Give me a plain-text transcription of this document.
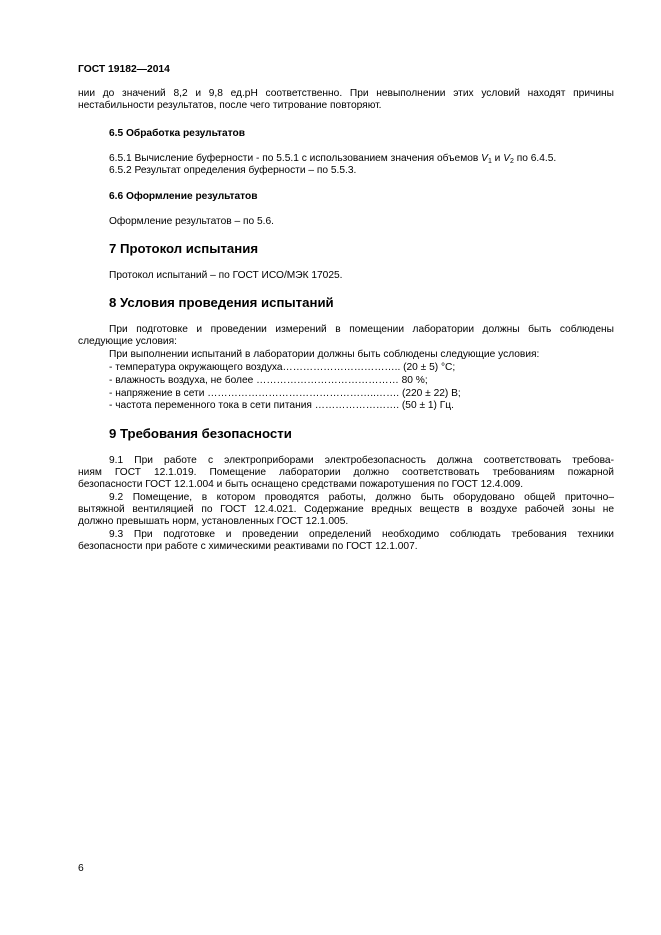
ГОСТ 19182—2014
нии до значений 8,2 и 9,8 ед.pH соответственно. При невыполнении этих условий находят причины
нестабильности результатов, после чего титрование повторяют.
6.5 Обработка результатов
6.5.1 Вычисление буферности - по 5.5.1 с использованием значения объемов $V_1$ и $V_2$ по 6.4.5.
6.5.2 Результат определения буферности – по 5.5.3.
6.6 Оформление результатов
Оформление результатов – по 5.6.
7 Протокол испытания
Протокол испытаний – по ГОСТ ИСО/МЭК 17025.
8 Условия проведения испытаний
При подготовке и проведении измерений в помещении лаборатории должны быть соблюдены
следующие условия:
При выполнении испытаний в лаборатории должны быть соблюдены следующие условия:
- температура окружающего воздуха…………………………….. (20 ± 5) °С;
- влажность воздуха, не более …………………………………… 80 %;
- напряжение в сети …………………………………………..……. (220 ± 22) В;
- частота переменного тока в сети питания ……………………. (50 ± 1) Гц.
9 Требования безопасности
9.1 При работе с электроприборами электробезопасность должна соответствовать требова-
ниям ГОСТ 12.1.019. Помещение лаборатории должно соответствовать требованиям пожарной
безопасности ГОСТ 12.1.004 и быть оснащено средствами пожаротушения по ГОСТ 12.4.009.
9.2 Помещение, в котором проводятся работы, должно быть оборудовано общей приточно–
вытяжной вентиляцией по ГОСТ 12.4.021. Содержание вредных веществ в воздухе рабочей зоны не
должно превышать норм, установленных ГОСТ 12.1.005.
9.3 При подготовке и проведении определений необходимо соблюдать требования техники
безопасности при работе с химическими реактивами по ГОСТ 12.1.007.
6
